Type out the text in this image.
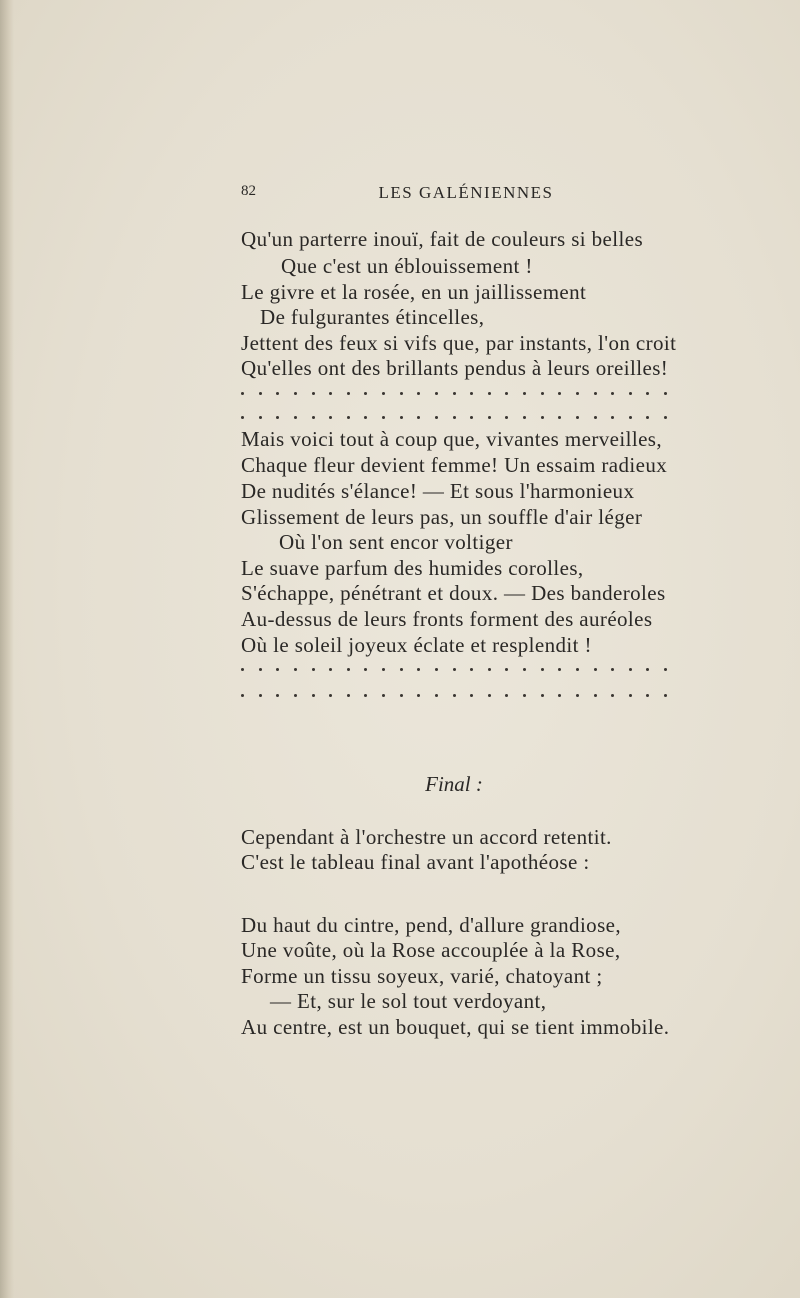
82	LES GALÉNIENNES
Qu'un parterre inouï, fait de couleurs si belles
Que c'est un éblouissement !
Le givre et la rosée, en un jaillissement
De fulgurantes étincelles,
Jettent des feux si vifs que, par instants, l'on croit
Qu'elles ont des brillants pendus à leurs oreilles!
Mais voici tout à coup que, vivantes merveilles,
Chaque fleur devient femme! Un essaim radieux
De nudités s'élance! — Et sous l'harmonieux
Glissement de leurs pas, un souffle d'air léger
Où l'on sent encor voltiger
Le suave parfum des humides corolles,
S'échappe, pénétrant et doux. — Des banderoles
Au-dessus de leurs fronts forment des auréoles
Où le soleil joyeux éclate et resplendit !
Final :
Cependant à l'orchestre un accord retentit.
C'est le tableau final avant l'apothéose :
Du haut du cintre, pend, d'allure grandiose,
Une voûte, où la Rose accouplée à la Rose,
Forme un tissu soyeux, varié, chatoyant ;
— Et, sur le sol tout verdoyant,
Au centre, est un bouquet, qui se tient immobile.
